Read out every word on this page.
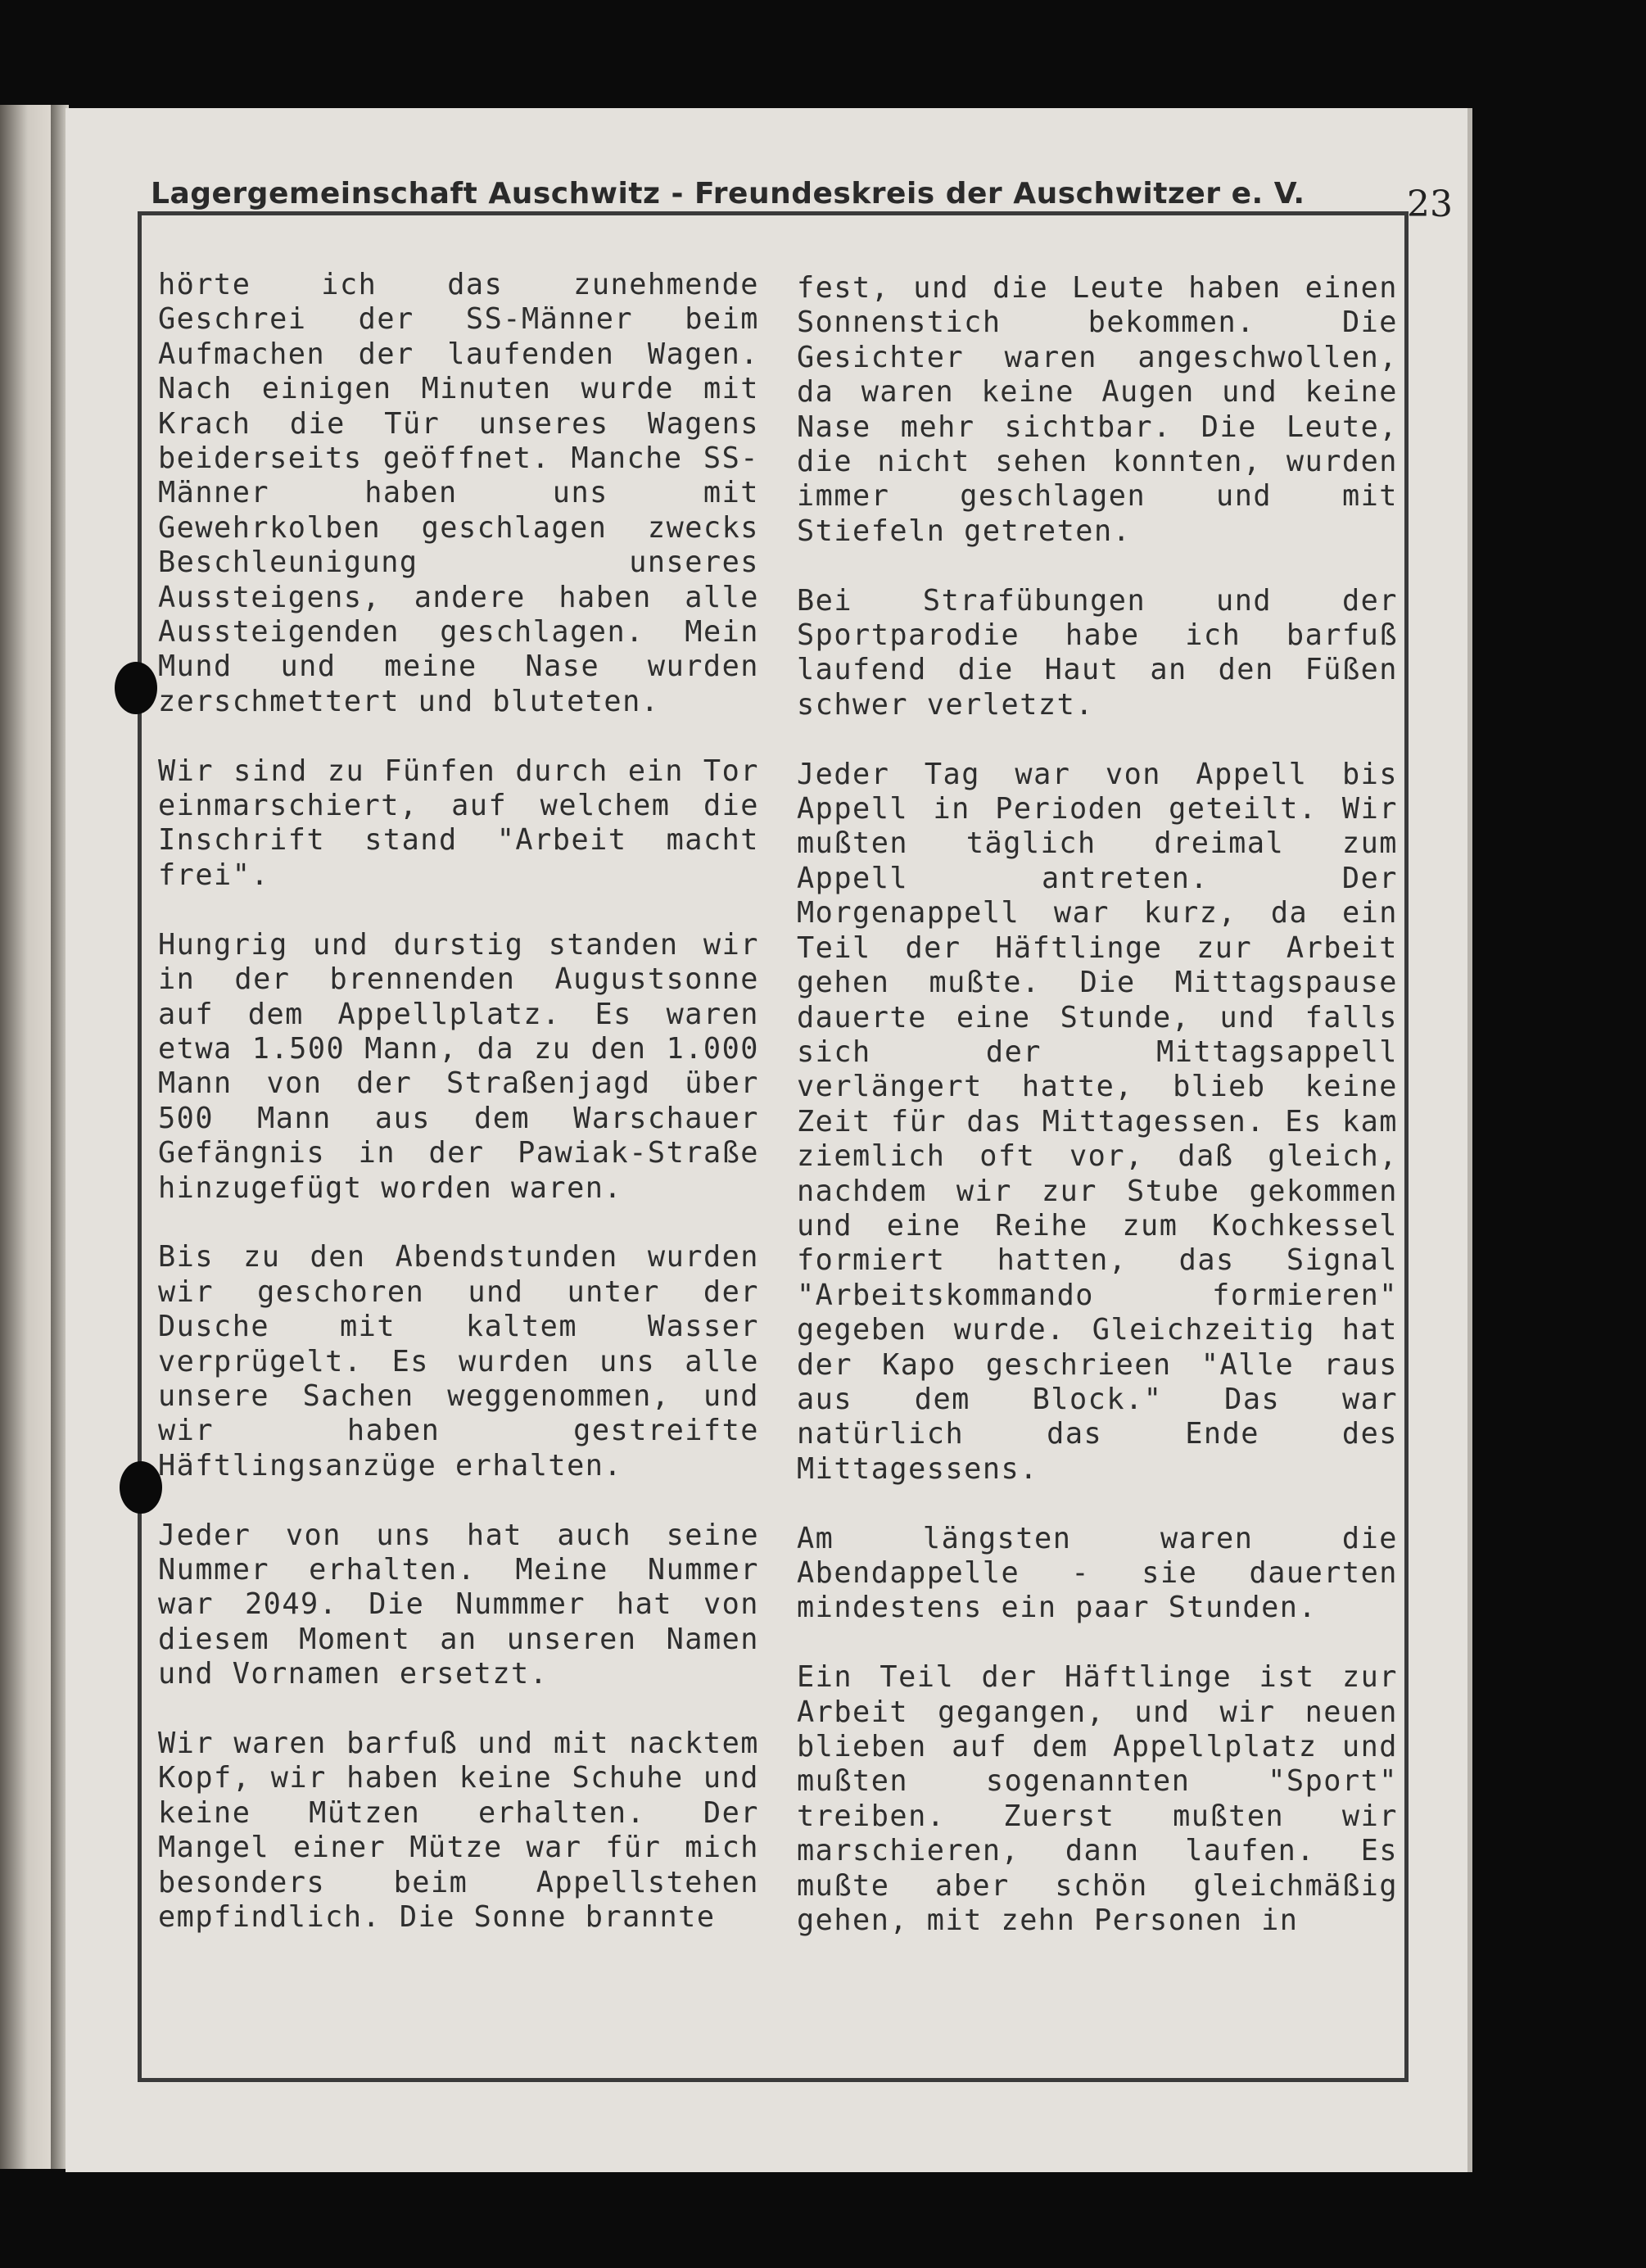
Lagergemeinschaft Auschwitz - Freundeskreis der Auschwitzer e. V.	23

hörte ich das zunehmende Geschrei der SS-Männer beim Aufmachen der laufenden Wagen. Nach einigen Minuten wurde mit Krach die Tür unseres Wagens beiderseits geöffnet. Manche SS-Männer haben uns mit Gewehrkolben geschlagen zwecks Beschleunigung unseres Aussteigens, andere haben alle Aussteigenden geschlagen. Mein Mund und meine Nase wurden zerschmettert und bluteten.

Wir sind zu Fünfen durch ein Tor einmarschiert, auf welchem die Inschrift stand "Arbeit macht frei".

Hungrig und durstig standen wir in der brennenden Augustsonne auf dem Appellplatz. Es waren etwa 1.500 Mann, da zu den 1.000 Mann von der Straßenjagd über 500 Mann aus dem Warschauer Gefängnis in der Pawiak-Straße hinzugefügt worden waren.

Bis zu den Abendstunden wurden wir geschoren und unter der Dusche mit kaltem Wasser verprügelt. Es wurden uns alle unsere Sachen weggenommen, und wir haben gestreifte Häftlingsanzüge erhalten.

Jeder von uns hat auch seine Nummer erhalten. Meine Nummer war 2049. Die Nummmer hat von diesem Moment an unseren Namen und Vornamen ersetzt.

Wir waren barfuß und mit nacktem Kopf, wir haben keine Schuhe und keine Mützen erhalten. Der Mangel einer Mütze war für mich besonders beim Appellstehen empfindlich. Die Sonne brannte

fest, und die Leute haben einen Sonnenstich bekommen. Die Gesichter waren angeschwollen, da waren keine Augen und keine Nase mehr sichtbar. Die Leute, die nicht sehen konnten, wurden immer geschlagen und mit Stiefeln getreten.

Bei Strafübungen und der Sportparodie habe ich barfuß laufend die Haut an den Füßen schwer verletzt.

Jeder Tag war von Appell bis Appell in Perioden geteilt. Wir mußten täglich dreimal zum Appell antreten. Der Morgenappell war kurz, da ein Teil der Häftlinge zur Arbeit gehen mußte. Die Mittagspause dauerte eine Stunde, und falls sich der Mittagsappell verlängert hatte, blieb keine Zeit für das Mittagessen. Es kam ziemlich oft vor, daß gleich, nachdem wir zur Stube gekommen und eine Reihe zum Kochkessel formiert hatten, das Signal "Arbeitskommando formieren" gegeben wurde. Gleichzeitig hat der Kapo geschrieen "Alle raus aus dem Block." Das war natürlich das Ende des Mittagessens.

Am längsten waren die Abendappelle - sie dauerten mindestens ein paar Stunden.

Ein Teil der Häftlinge ist zur Arbeit gegangen, und wir neuen blieben auf dem Appellplatz und mußten sogenannten "Sport" treiben. Zuerst mußten wir marschieren, dann laufen. Es mußte aber schön gleichmäßig gehen, mit zehn Personen in
